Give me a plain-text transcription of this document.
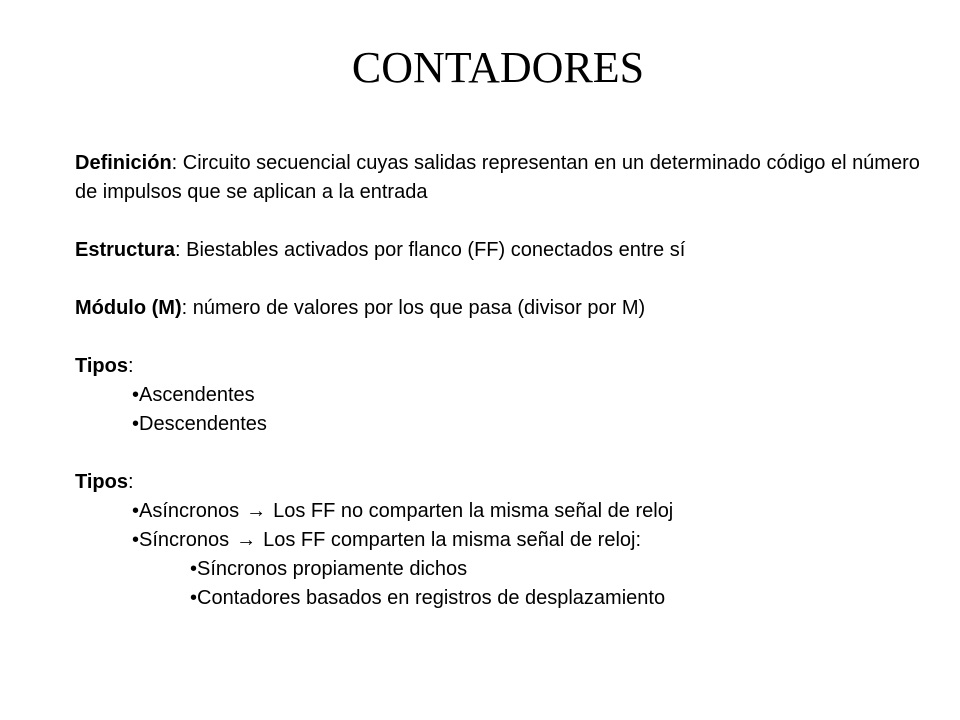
CONTADORES

Definición: Circuito secuencial cuyas salidas representan en un determinado código el número de impulsos que se aplican a la entrada

Estructura: Biestables activados por flanco (FF) conectados entre sí

Módulo (M): número de valores por los que pasa (divisor por M)

Tipos:

•Ascendentes

•Descendentes

Tipos:

•Asíncronos → Los FF no comparten la misma señal de reloj

•Síncronos → Los FF comparten la misma señal de reloj:

•Síncronos propiamente dichos

•Contadores basados en registros de desplazamiento
